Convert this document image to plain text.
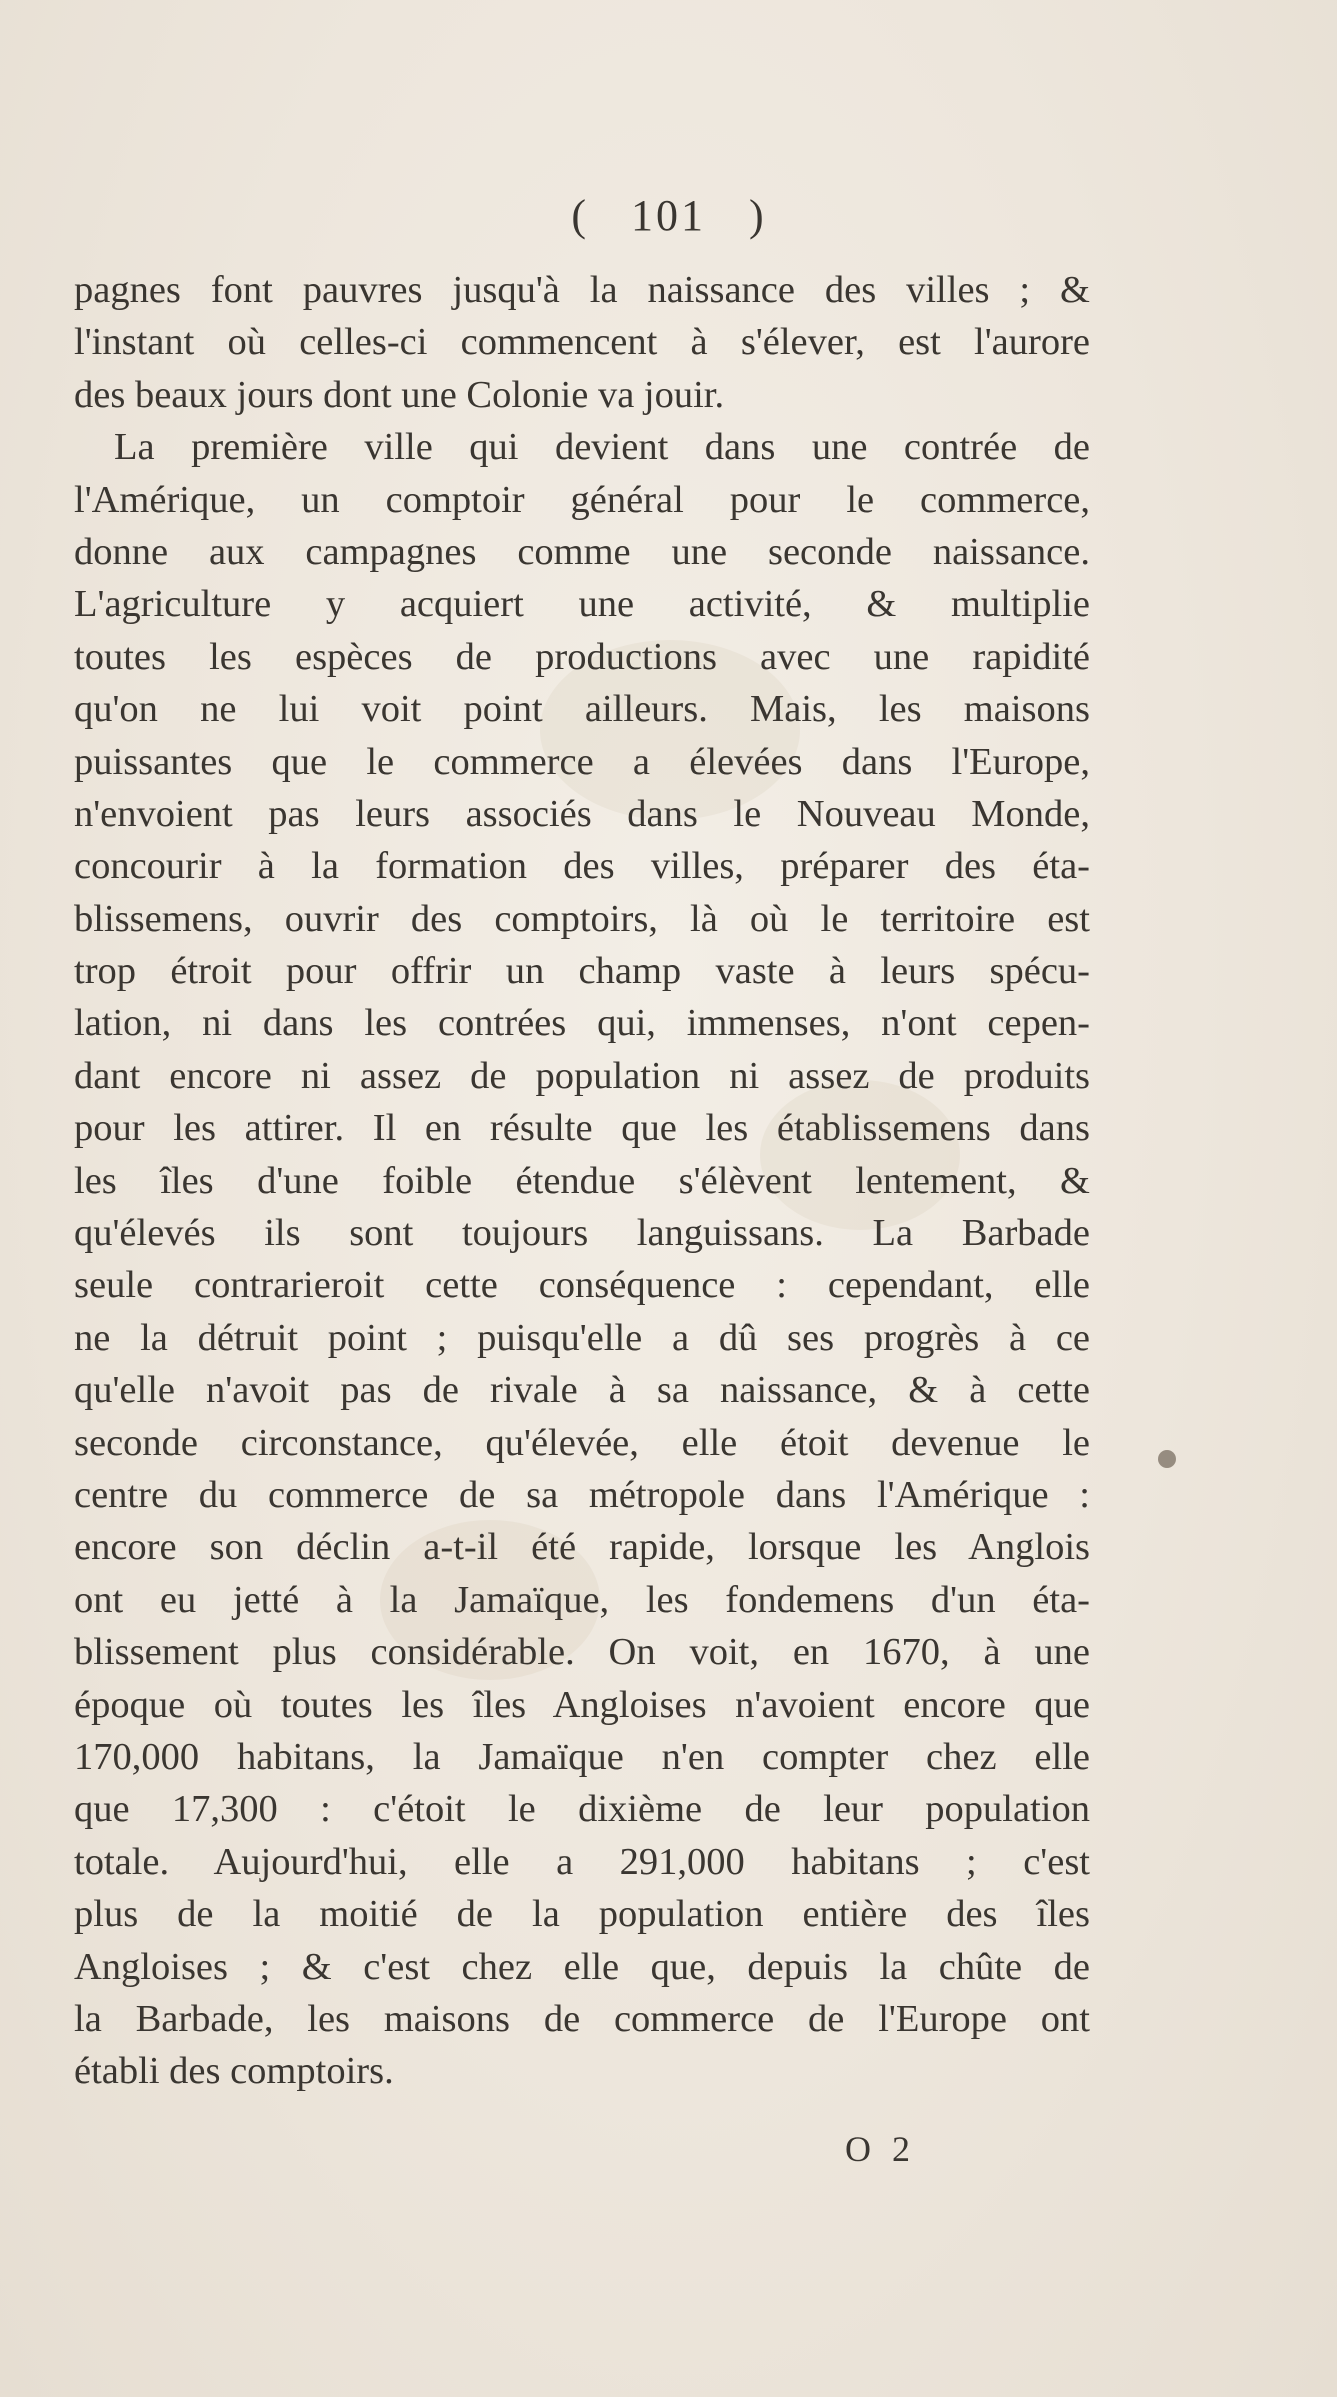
( 101 )
pagnes font pauvres jusqu'à la naissance des villes ; &
l'instant où celles-ci commencent à s'élever, est l'aurore
des beaux jours dont une Colonie va jouir.
La première ville qui devient dans une contrée de
l'Amérique, un comptoir général pour le commerce,
donne aux campagnes comme une seconde naissance.
L'agriculture y acquiert une activité, & multiplie
toutes les espèces de productions avec une rapidité
qu'on ne lui voit point ailleurs. Mais, les maisons
puissantes que le commerce a élevées dans l'Europe,
n'envoient pas leurs associés dans le Nouveau Monde,
concourir à la formation des villes, préparer des éta-
blissemens, ouvrir des comptoirs, là où le territoire est
trop étroit pour offrir un champ vaste à leurs spécu-
lation, ni dans les contrées qui, immenses, n'ont cepen-
dant encore ni assez de population ni assez de produits
pour les attirer. Il en résulte que les établissemens dans
les îles d'une foible étendue s'élèvent lentement, &
qu'élevés ils sont toujours languissans. La Barbade
seule contrarieroit cette conséquence : cependant, elle
ne la détruit point ; puisqu'elle a dû ses progrès à ce
qu'elle n'avoit pas de rivale à sa naissance, & à cette
seconde circonstance, qu'élevée, elle étoit devenue le
centre du commerce de sa métropole dans l'Amérique :
encore son déclin a-t-il été rapide, lorsque les Anglois
ont eu jetté à la Jamaïque, les fondemens d'un éta-
blissement plus considérable. On voit, en 1670, à une
époque où toutes les îles Angloises n'avoient encore que
170,000 habitans, la Jamaïque n'en compter chez elle
que 17,300 : c'étoit le dixième de leur population
totale. Aujourd'hui, elle a 291,000 habitans ; c'est
plus de la moitié de la population entière des îles
Angloises ; & c'est chez elle que, depuis la chûte de
la Barbade, les maisons de commerce de l'Europe ont
établi des comptoirs.
O 2
